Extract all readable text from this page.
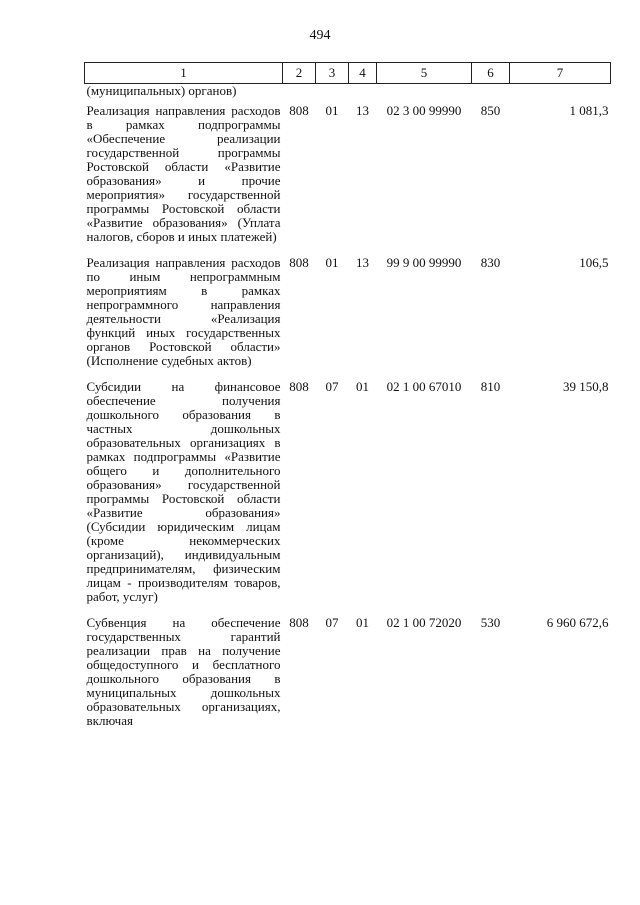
494
1	2	3	4	5	6	7
(муниципальных) органов)						
Реализация направления расходов в рамках подпрограммы «Обеспечение реализации государственной программы Ростовской области «Развитие образования» и прочие мероприятия» государственной программы Ростовской области «Развитие образования» (Уплата налогов, сборов и иных платежей)	808	01	13	02 3 00 99990	850	1 081,3
Реализация направления расходов по иным непрограммным мероприятиям в рамках непрограммного направления деятельности «Реализация функций иных государственных органов Ростовской области» (Исполнение судебных актов)	808	01	13	99 9 00 99990	830	106,5
Субсидии на финансовое обеспечение получения дошкольного образования в частных дошкольных образовательных организациях в рамках подпрограммы «Развитие общего и дополнительного образования» государственной программы Ростовской области «Развитие образования» (Субсидии юридическим лицам (кроме некоммерческих организаций), индивидуальным предпринимателям, физическим лицам - производителям товаров, работ, услуг)	808	07	01	02 1 00 67010	810	39 150,8
Субвенция на обеспечение государственных гарантий реализации прав на получение общедоступного и бесплатного дошкольного образования в муниципальных дошкольных образовательных организациях, включая	808	07	01	02 1 00 72020	530	6 960 672,6
